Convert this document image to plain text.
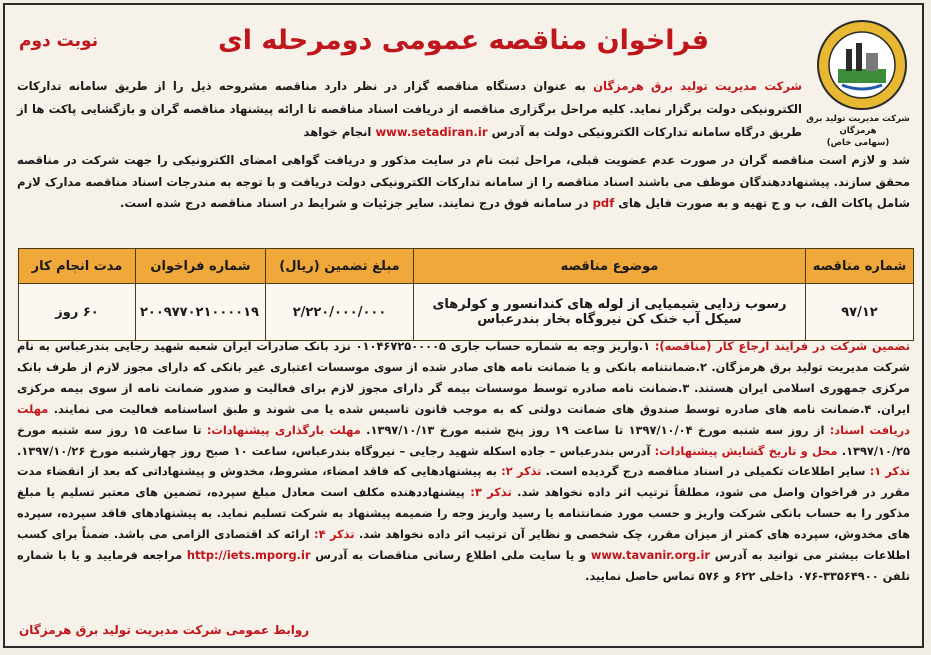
شرکت مدیریت تولید برق هرمزگان
(سهامی خاص)
فراخوان مناقصه عمومی دومرحله ای
نوبت دوم
شرکت مدیریت تولید برق هرمزگان به عنوان دستگاه مناقصه گزار در نظر دارد مناقصه مشروحه ذیل را از طریق سامانه تدارکات الکترونیکی دولت برگزار نماید. کلیه مراحل برگزاری مناقصه از دریافت اسناد مناقصه تا ارائه پیشنهاد مناقصه گران و بازگشایی پاکت ها از طریق درگاه سامانه تدارکات الکترونیکی دولت به آدرس www.setadiran.ir انجام خواهد
شد و لازم است مناقصه گران در صورت عدم عضویت قبلی، مراحل ثبت نام در سایت مذکور و دریافت گواهی امضای الکترونیکی را جهت شرکت در مناقصه محقق سازند. پیشنهاددهندگان موظف می باشند اسناد مناقصه را از سامانه تدارکات الکترونیکی دولت دریافت و با توجه به مندرجات اسناد مناقصه مدارک لازم شامل پاکات الف، ب و ج تهیه و به صورت فایل های pdf در سامانه فوق درج نمایند. سایر جزئیات و شرایط در اسناد مناقصه درج شده است.
شماره مناقصه	موضوع مناقصه	مبلغ تضمین (ریال)	شماره فراخوان	مدت انجام کار
۹۷/۱۲	رسوب زدایی شیمیایی از لوله های کندانسور و کولرهای سیکل آب خنک کن نیروگاه بخار بندرعباس	۲/۲۲۰/۰۰۰/۰۰۰	۲۰۰۹۷۷۰۲۱۰۰۰۰۱۹	۶۰ روز
تضمین شرکت در فرایند ارجاع کار (مناقصه): ۱.واریز وجه به شماره حساب جاری ۰۱۰۴۶۷۲۵۰۰۰۰۵ نزد بانک صادرات ایران شعبه شهید رجایی بندرعباس به نام شرکت مدیریت تولید برق هرمزگان. ۲.ضمانتنامه بانکی و یا ضمانت نامه های صادر شده از سوی موسسات اعتباری غیر بانکی که دارای مجوز لازم از طرف بانک مرکزی جمهوری اسلامی ایران هستند. ۳.ضمانت نامه صادره توسط موسسات بیمه گر دارای مجوز لازم برای فعالیت و صدور ضمانت نامه از سوی بیمه مرکزی ایران. ۴.ضمانت نامه های صادره توسط صندوق های ضمانت دولتی که به موجب قانون تاسیس شده یا می شوند و طبق اساسنامه فعالیت می نمایند. مهلت دریافت اسناد: از روز سه شنبه مورخ ۱۳۹۷/۱۰/۰۴ تا ساعت ۱۹ روز پنج شنبه مورخ ۱۳۹۷/۱۰/۱۳. مهلت بارگذاری پیشنهادات: تا ساعت ۱۵ روز سه شنبه مورخ ۱۳۹۷/۱۰/۲۵. محل و تاریخ گشایش پیشنهادات: آدرس بندرعباس – جاده اسکله شهید رجایی – نیروگاه بندرعباس، ساعت ۱۰ صبح روز چهارشنبه مورخ ۱۳۹۷/۱۰/۲۶. تذکر ۱: سایر اطلاعات تکمیلی در اسناد مناقصه درج گردیده است. تذکر ۲: به پیشنهادهایی که فاقد امضاء، مشروط، مخدوش و پیشنهاداتی که بعد از انقضاء مدت مقرر در فراخوان واصل می شود، مطلقاً ترتیب اثر داده نخواهد شد. تذکر ۳: پیشنهاددهنده مکلف است معادل مبلغ سپرده، تضمین های معتبر تسلیم یا مبلغ مذکور را به حساب بانکی شرکت واریز و حسب مورد ضمانتنامه یا رسید واریز وجه را ضمیمه پیشنهاد به شرکت تسلیم نماید. به پیشنهادهای فاقد سپرده، سپرده های مخدوش، سپرده های کمتر از میزان مقرر، چک شخصی و نظایر آن ترتیب اثر داده نخواهد شد. تذکر ۴: ارائه کد اقتصادی الزامی می باشد. ضمناً برای کسب اطلاعات بیشتر می توانید به آدرس www.tavanir.org.ir و یا سایت ملی اطلاع رسانی مناقصات به آدرس http://iets.mporg.ir مراجعه فرمایید و یا با شماره تلفن ۳۳۵۶۴۹۰۰-۰۷۶ داخلی ۶۲۲ و ۵۷۶ تماس حاصل نمایید.
روابط عمومی شرکت مدیریت تولید برق هرمزگان
